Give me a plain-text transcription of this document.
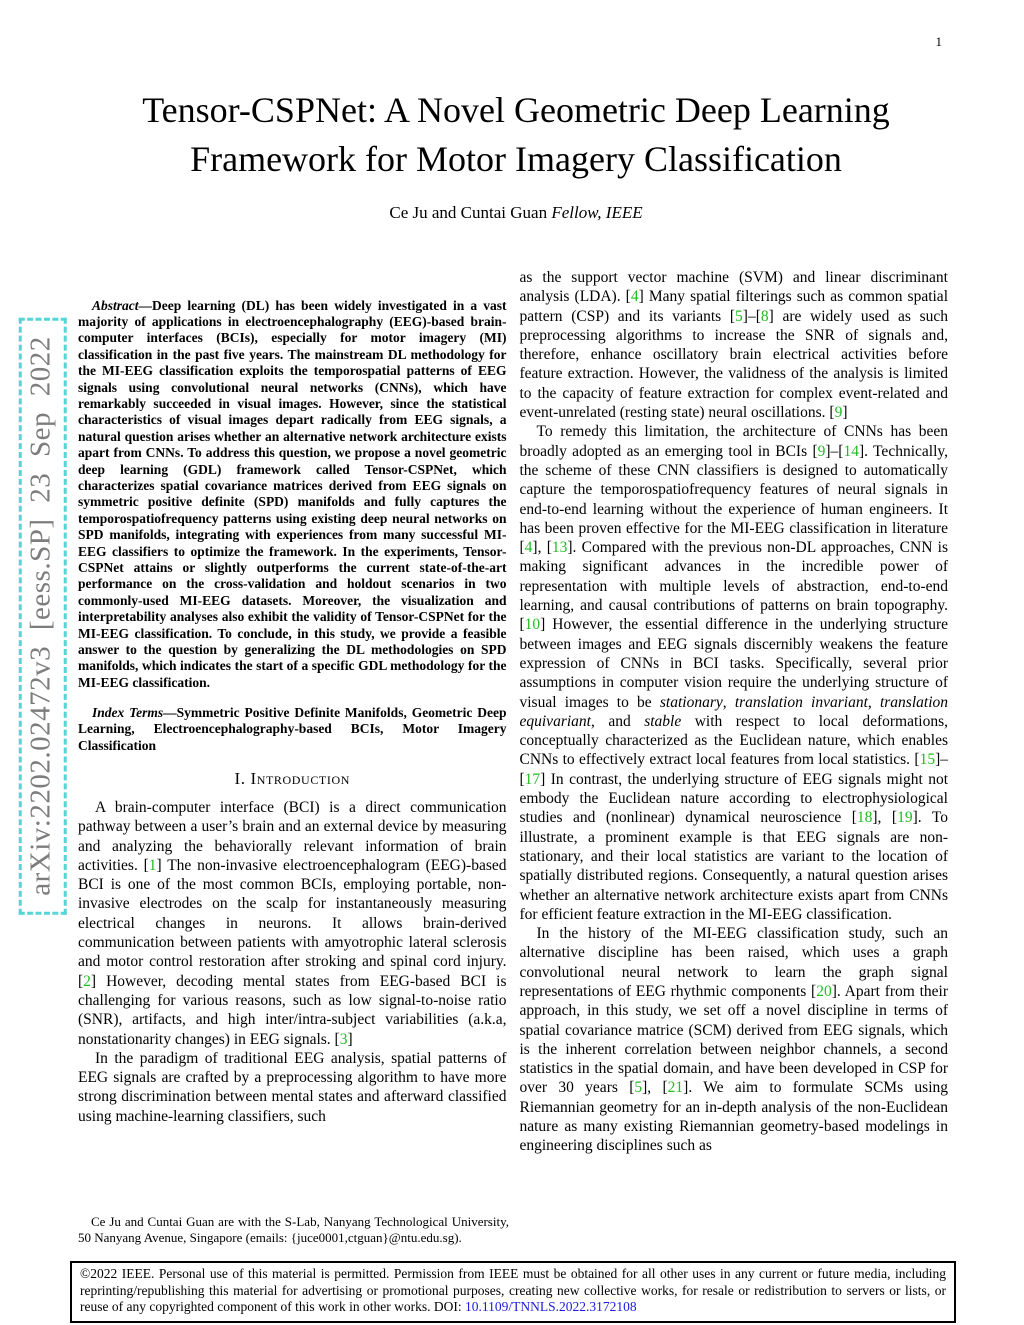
1
arXiv:2202.02472v3 [eess.SP] 23 Sep 2022
Tensor-CSPNet: A Novel Geometric Deep Learning
Framework for Motor Imagery Classification
Ce Ju and Cuntai Guan Fellow, IEEE

Abstract—Deep learning (DL) has been widely investigated in a vast majority of applications in electroencephalography (EEG)-based brain-computer interfaces (BCIs), especially for motor imagery (MI) classification in the past five years. The mainstream DL methodology for the MI-EEG classification exploits the temporospatial patterns of EEG signals using convolutional neural networks (CNNs), which have remarkably succeeded in visual images. However, since the statistical characteristics of visual images depart radically from EEG signals, a natural question arises whether an alternative network architecture exists apart from CNNs. To address this question, we propose a novel geometric deep learning (GDL) framework called Tensor-CSPNet, which characterizes spatial covariance matrices derived from EEG signals on symmetric positive definite (SPD) manifolds and fully captures the temporospatiofrequency patterns using existing deep neural networks on SPD manifolds, integrating with experiences from many successful MI-EEG classifiers to optimize the framework. In the experiments, Tensor-CSPNet attains or slightly outperforms the current state-of-the-art performance on the cross-validation and holdout scenarios in two commonly-used MI-EEG datasets. Moreover, the visualization and interpretability analyses also exhibit the validity of Tensor-CSPNet for the MI-EEG classification. To conclude, in this study, we provide a feasible answer to the question by generalizing the DL methodologies on SPD manifolds, which indicates the start of a specific GDL methodology for the MI-EEG classification.

Index Terms—Symmetric Positive Definite Manifolds, Geometric Deep Learning, Electroencephalography-based BCIs, Motor Imagery Classification

I. Introduction

A brain-computer interface (BCI) is a direct communication pathway between a user’s brain and an external device by measuring and analyzing the behaviorally relevant information of brain activities. [1] The non-invasive electroencephalogram (EEG)-based BCI is one of the most common BCIs, employing portable, non-invasive electrodes on the scalp for instantaneously measuring electrical changes in neurons. It allows brain-derived communication between patients with amyotrophic lateral sclerosis and motor control restoration after stroking and spinal cord injury. [2] However, decoding mental states from EEG-based BCI is challenging for various reasons, such as low signal-to-noise ratio (SNR), artifacts, and high inter/intra-subject variabilities (a.k.a, nonstationarity changes) in EEG signals. [3]

In the paradigm of traditional EEG analysis, spatial patterns of EEG signals are crafted by a preprocessing algorithm to have more strong discrimination between mental states and afterward classified using machine-learning classifiers, such

as the support vector machine (SVM) and linear discriminant analysis (LDA). [4] Many spatial filterings such as common spatial pattern (CSP) and its variants [5]–[8] are widely used as such preprocessing algorithms to increase the SNR of signals and, therefore, enhance oscillatory brain electrical activities before feature extraction. However, the validness of the analysis is limited to the capacity of feature extraction for complex event-related and event-unrelated (resting state) neural oscillations. [9]

To remedy this limitation, the architecture of CNNs has been broadly adopted as an emerging tool in BCIs [9]–[14]. Technically, the scheme of these CNN classifiers is designed to automatically capture the temporospatiofrequency features of neural signals in end-to-end learning without the experience of human engineers. It has been proven effective for the MI-EEG classification in literature [4], [13]. Compared with the previous non-DL approaches, CNN is making significant advances in the incredible power of representation with multiple levels of abstraction, end-to-end learning, and causal contributions of patterns on brain topography. [10] However, the essential difference in the underlying structure between images and EEG signals discernibly weakens the feature expression of CNNs in BCI tasks. Specifically, several prior assumptions in computer vision require the underlying structure of visual images to be stationary, translation invariant, translation equivariant, and stable with respect to local deformations, conceptually characterized as the Euclidean nature, which enables CNNs to effectively extract local features from local statistics. [15]–[17] In contrast, the underlying structure of EEG signals might not embody the Euclidean nature according to electrophysiological studies and (nonlinear) dynamical neuroscience [18], [19]. To illustrate, a prominent example is that EEG signals are non-stationary, and their local statistics are variant to the location of spatially distributed regions. Consequently, a natural question arises whether an alternative network architecture exists apart from CNNs for efficient feature extraction in the MI-EEG classification.

In the history of the MI-EEG classification study, such an alternative discipline has been raised, which uses a graph convolutional neural network to learn the graph signal representations of EEG rhythmic components [20]. Apart from their approach, in this study, we set off a novel discipline in terms of spatial covariance matrice (SCM) derived from EEG signals, which is the inherent correlation between neighbor channels, a second statistics in the spatial domain, and have been developed in CSP for over 30 years [5], [21]. We aim to formulate SCMs using Riemannian geometry for an in-depth analysis of the non-Euclidean nature as many existing Riemannian geometry-based modelings in engineering disciplines such as

Ce Ju and Cuntai Guan are with the S-Lab, Nanyang Technological University, 50 Nanyang Avenue, Singapore (emails: {juce0001,ctguan}@ntu.edu.sg).
©2022 IEEE. Personal use of this material is permitted. Permission from IEEE must be obtained for all other uses in any current or future media, including reprinting/republishing this material for advertising or promotional purposes, creating new collective works, for resale or redistribution to servers or lists, or reuse of any copyrighted component of this work in other works. DOI: 10.1109/TNNLS.2022.3172108
